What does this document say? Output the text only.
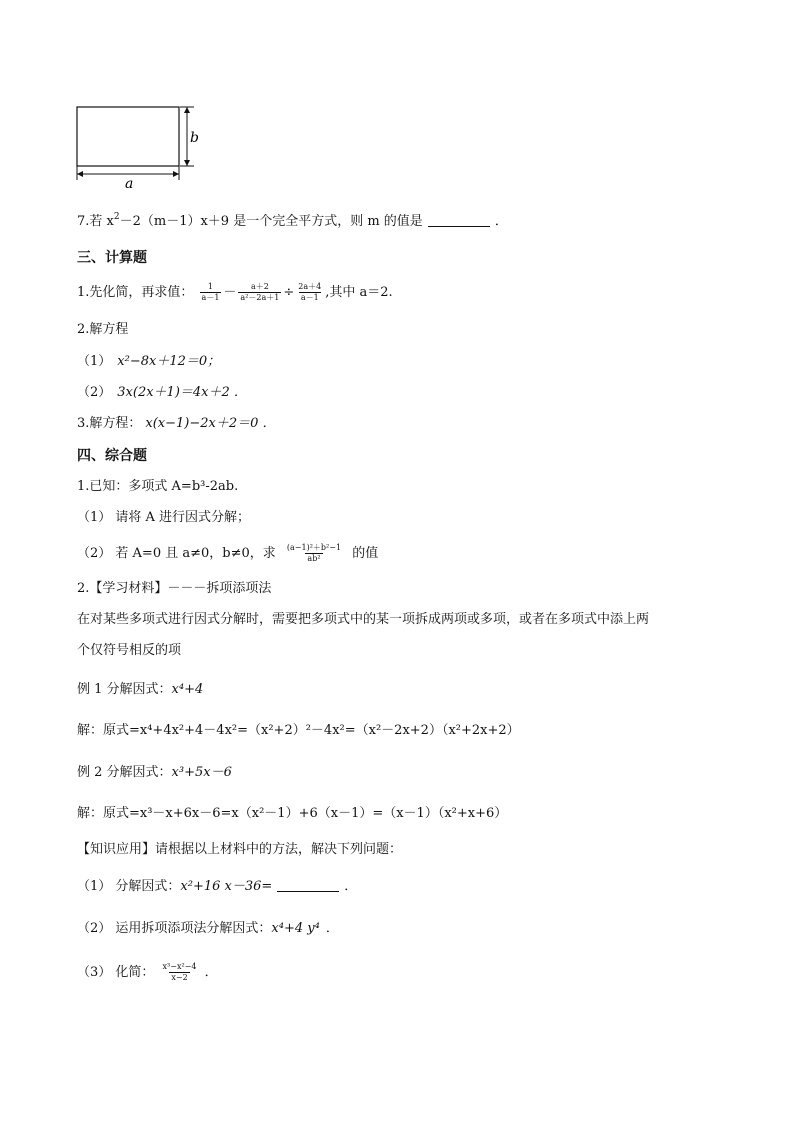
b
a
7.若 $x^2-2(m-1)x+9$ 是一个完全平方式，则 m 的值是	．
三、计算题
1.先化简，再求值： $\frac{1}{a-1} - \frac{a+2}{\text{a²－2a＋1}} \div \frac{2a+4}{a-1}$ ,其中 a＝2.
2.解方程
（1） x²−8x＋12＝0；
（2） 3x(2x＋1)＝4x＋2 ．
3.解方程： x(x−1)−2x＋2＝0 ．
四、综合题
1.已知：多项式 A=b³-2ab.
（1） 请将 A 进行因式分解；
（2） 若 A=0 且 a≠0，b≠0，求 $\frac{\text{(a−1)²＋b²−1}}{\text{ab²}}$ 的值
2.【学习材料】－－－拆项添项法
在对某些多项式进行因式分解时，需要把多项式中的某一项拆成两项或多项，或者在多项式中添上两
个仅符号相反的项
例 1 分解因式：x⁴+4
解：原式=x⁴+4x²+4－4x²=（x²+2）²－4x²=（x²－2x+2）（x²+2x+2）
例 2 分解因式：x³+5x－6
解：原式=x³－x+6x－6=x（x²－1）+6（x－1）=（x－1）（x²+x+6）
【知识应用】请根据以上材料中的方法，解决下列问题：
（1） 分解因式：x²+16 x－36=	．
（2） 运用拆项添项法分解因式：x⁴+4 y⁴ ．
（3） 化简： $\frac{\text{x³−x²−4}}{x-2}$ ．
